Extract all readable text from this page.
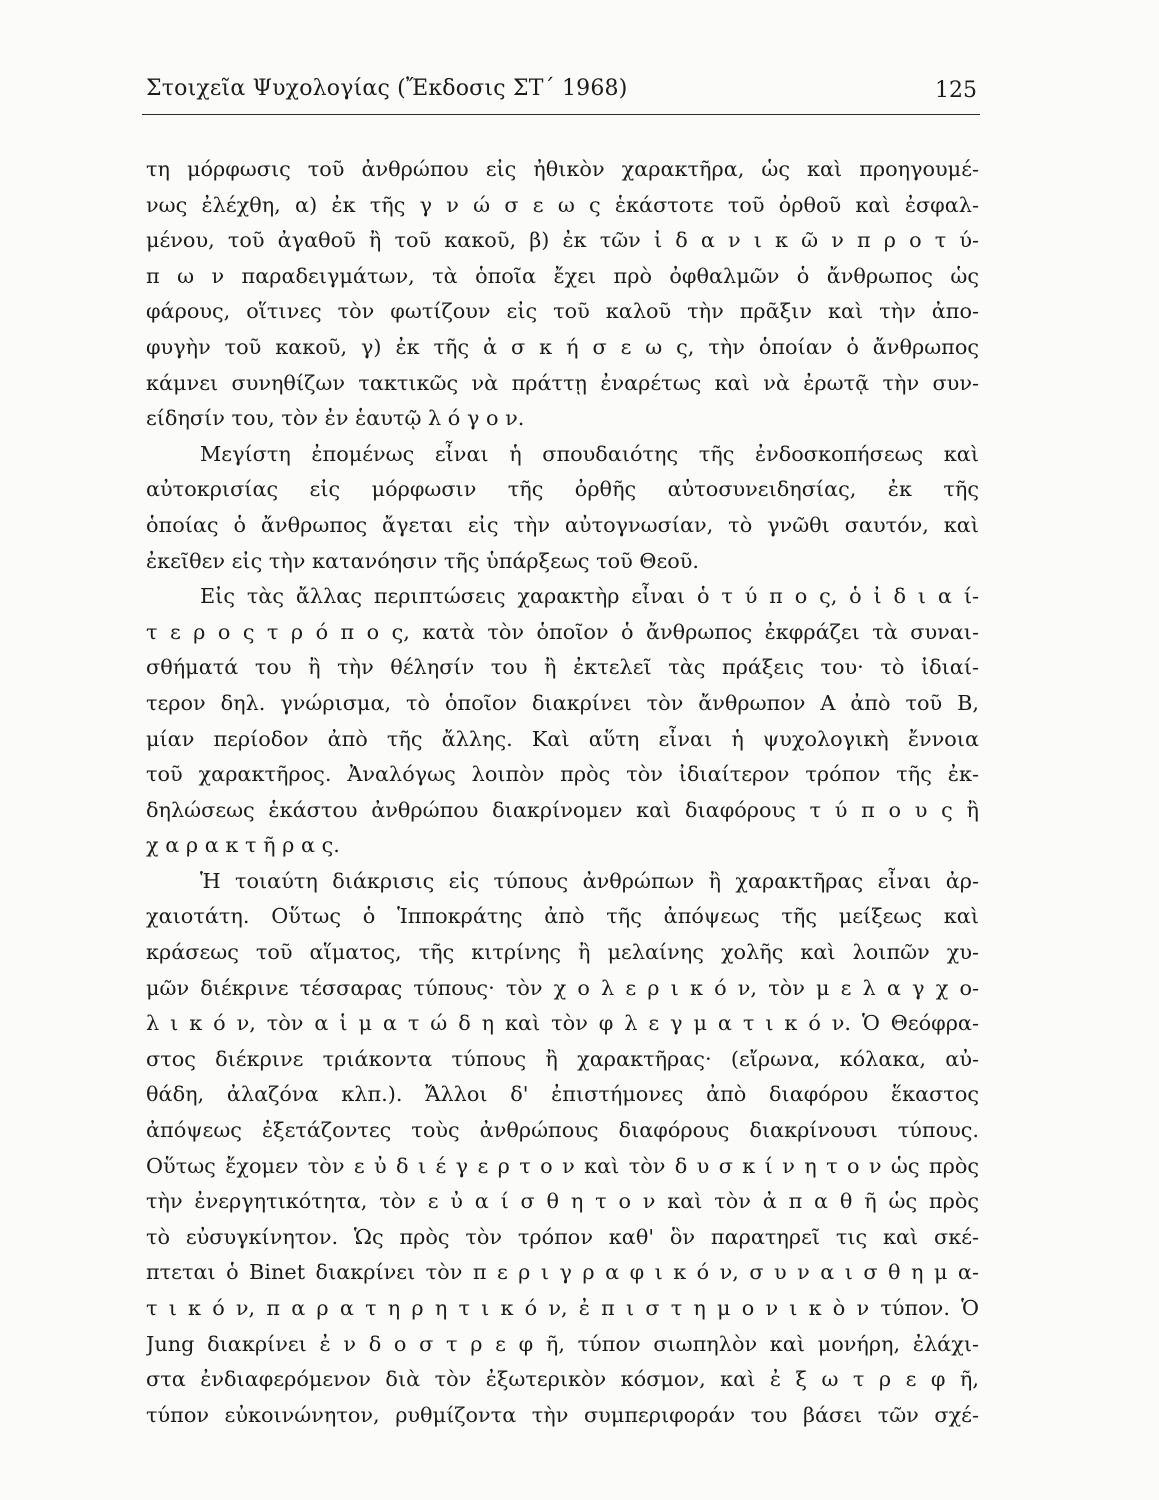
Στοιχεῖα Ψυχολογίας (Ἔκδοσις ΣΤ΄ 1968)	125
τη μόρφωσις τοῦ ἀνθρώπου εἰς ἠθικὸν χαρακτῆρα, ὡς καὶ προηγουμέ-
νως ἐλέχθη, α) ἐκ τῆς γ ν ώ σ ε ω ς ἑκάστοτε τοῦ ὀρθοῦ καὶ ἐσφαλ-
μένου, τοῦ ἀγαθοῦ ἢ τοῦ κακοῦ, β) ἐκ τῶν ἰ δ α ν ι κ ῶ ν π ρ ο τ ύ-
π ω ν παραδειγμάτων, τὰ ὁποῖα ἔχει πρὸ ὀφθαλμῶν ὁ ἄνθρωπος ὡς
φάρους, οἵτινες τὸν φωτίζουν εἰς τοῦ καλοῦ τὴν πρᾶξιν καὶ τὴν ἀπο-
φυγὴν τοῦ κακοῦ, γ) ἐκ τῆς ἀ σ κ ή σ ε ω ς, τὴν ὁποίαν ὁ ἄνθρωπος
κάμνει συνηθίζων τακτικῶς νὰ πράττῃ ἐναρέτως καὶ νὰ ἐρωτᾷ τὴν συν-
είδησίν του, τὸν ἐν ἑαυτῷ λ ό γ ο ν.
Μεγίστη ἐπομένως εἶναι ἡ σπουδαιότης τῆς ἐνδοσκοπήσεως καὶ
αὐτοκρισίας εἰς μόρφωσιν τῆς ὀρθῆς αὐτοσυνειδησίας, ἐκ τῆς
ὁποίας ὁ ἄνθρωπος ἄγεται εἰς τὴν αὐτογνωσίαν, τὸ γνῶθι σαυτόν, καὶ
ἐκεῖθεν εἰς τὴν κατανόησιν τῆς ὑπάρξεως τοῦ Θεοῦ.
Εἰς τὰς ἄλλας περιπτώσεις χαρακτὴρ εἶναι ὁ τ ύ π ο ς, ὁ ἰ δ ι α ί-
τ ε ρ ο ς τ ρ ό π ο ς, κατὰ τὸν ὁποῖον ὁ ἄνθρωπος ἐκφράζει τὰ συναι-
σθήματά του ἢ τὴν θέλησίν του ἢ ἐκτελεῖ τὰς πράξεις του· τὸ ἰδιαί-
τερον δηλ. γνώρισμα, τὸ ὁποῖον διακρίνει τὸν ἄνθρωπον Α ἀπὸ τοῦ Β,
μίαν περίοδον ἀπὸ τῆς ἄλλης. Καὶ αὕτη εἶναι ἡ ψυχολογικὴ ἔννοια
τοῦ χαρακτῆρος. Ἀναλόγως λοιπὸν πρὸς τὸν ἰδιαίτερον τρόπον τῆς ἐκ-
δηλώσεως ἑκάστου ἀνθρώπου διακρίνομεν καὶ διαφόρους τ ύ π ο υ ς ἢ
χ α ρ α κ τ ῆ ρ α ς.
Ἡ τοιαύτη διάκρισις εἰς τύπους ἀνθρώπων ἢ χαρακτῆρας εἶναι ἀρ-
χαιοτάτη. Οὕτως ὁ Ἱπποκράτης ἀπὸ τῆς ἀπόψεως τῆς μείξεως καὶ
κράσεως τοῦ αἵματος, τῆς κιτρίνης ἢ μελαίνης χολῆς καὶ λοιπῶν χυ-
μῶν διέκρινε τέσσαρας τύπους· τὸν χ ο λ ε ρ ι κ ό ν, τὸν μ ε λ α γ χ ο-
λ ι κ ό ν, τὸν α ἱ μ α τ ώ δ η καὶ τὸν φ λ ε γ μ α τ ι κ ό ν. Ὁ Θεόφρα-
στος διέκρινε τριάκοντα τύπους ἢ χαρακτῆρας· (εἴρωνα, κόλακα, αὐ-
θάδη, ἀλαζόνα κλπ.). Ἄλλοι δ' ἐπιστήμονες ἀπὸ διαφόρου ἕκαστος
ἀπόψεως ἐξετάζοντες τοὺς ἀνθρώπους διαφόρους διακρίνουσι τύπους.
Οὕτως ἔχομεν τὸν ε ὐ δ ι έ γ ε ρ τ ο ν καὶ τὸν δ υ σ κ ί ν η τ ο ν ὡς πρὸς
τὴν ἐνεργητικότητα, τὸν ε ὐ α ί σ θ η τ ο ν καὶ τὸν ἀ π α θ ῆ ὡς πρὸς
τὸ εὐσυγκίνητον. Ὡς πρὸς τὸν τρόπον καθ' ὃν παρατηρεῖ τις καὶ σκέ-
πτεται ὁ Binet διακρίνει τὸν π ε ρ ι γ ρ α φ ι κ ό ν, σ υ ν α ι σ θ η μ α-
τ ι κ ό ν, π α ρ α τ η ρ η τ ι κ ό ν, ἐ π ι σ τ η μ ο ν ι κ ὸ ν τύπον. Ὁ
Jung διακρίνει ἐ ν δ ο σ τ ρ ε φ ῆ, τύπον σιωπηλὸν καὶ μονήρη, ἐλάχι-
στα ἐνδιαφερόμενον διὰ τὸν ἐξωτερικὸν κόσμον, καὶ ἐ ξ ω τ ρ ε φ ῆ,
τύπον εὐκοινώνητον, ρυθμίζοντα τὴν συμπεριφοράν του βάσει τῶν σχέ-
